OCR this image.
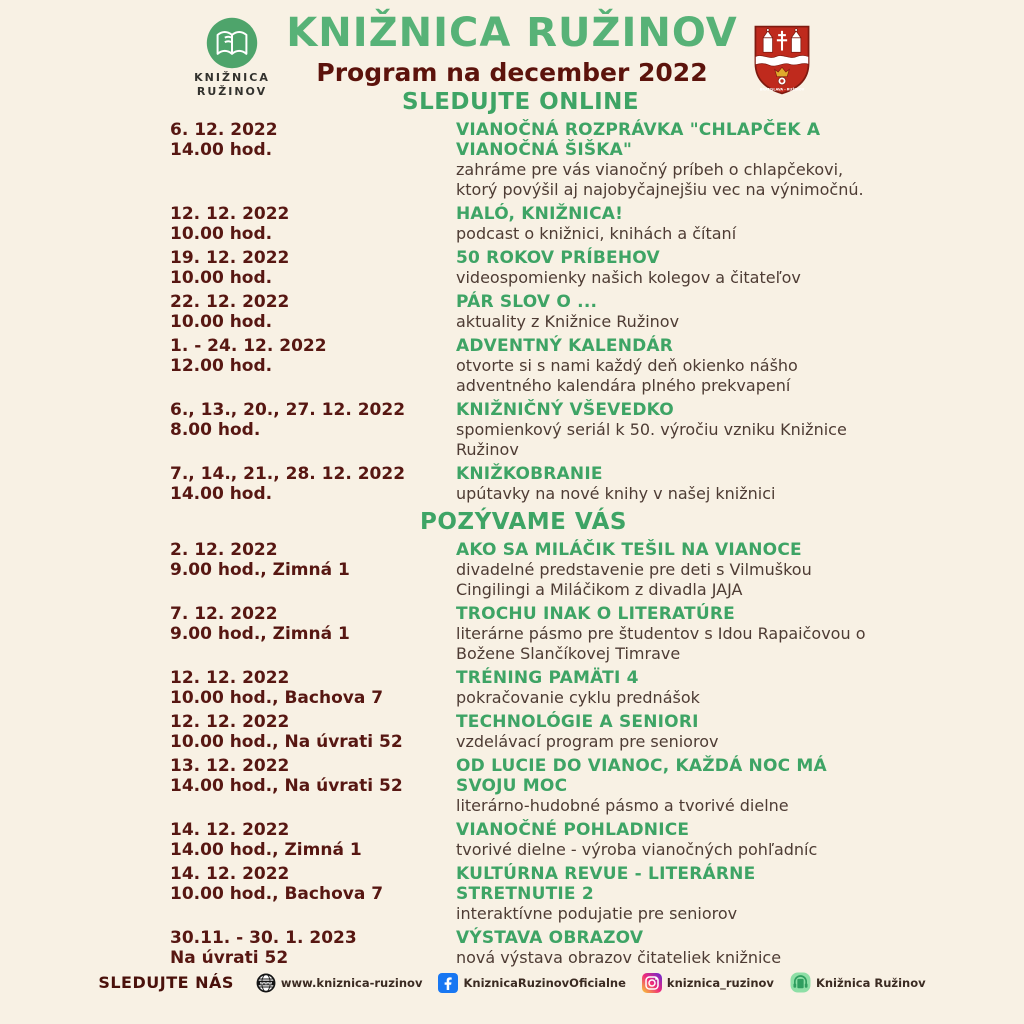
KNIŽNICA
RUŽINOV
KNIŽNICA RUŽINOV
Program na december 2022
BRATISLAVA - RUŽINOV
SLEDUJTE ONLINE
6. 12. 2022
14.00 hod.
VIANOČNÁ ROZPRÁVKA "CHLAPČEK A VIANOČNÁ ŠIŠKA"

zahráme pre vás vianočný príbeh o chlapčekovi, ktorý povýšil aj najobyčajnejšiu vec na výnimočnú.

12. 12. 2022
10.00 hod.
HALÓ, KNIŽNICA!

podcast o knižnici, knihách a čítaní

19. 12. 2022
10.00 hod.
50 ROKOV PRÍBEHOV

videospomienky našich kolegov a čitateľov

22. 12. 2022
10.00 hod.
PÁR SLOV O ...

aktuality z Knižnice Ružinov

1. - 24. 12. 2022
12.00 hod.
ADVENTNÝ KALENDÁR

otvorte si s nami každý deň okienko nášho adventného kalendára plného prekvapení

6., 13., 20., 27. 12. 2022
8.00 hod.
KNIŽNIČNÝ VŠEVEDKO

spomienkový seriál k 50. výročiu vzniku Knižnice Ružinov

7., 14., 21., 28. 12. 2022
14.00 hod.
KNIŽKOBRANIE

upútavky na nové knihy v našej knižnici

POZÝVAME VÁS
2. 12. 2022
9.00 hod., Zimná 1
AKO SA MILÁČIK TEŠIL NA VIANOCE

divadelné predstavenie pre deti s Vilmuškou Cingilingi a Miláčikom z divadla JAJA

7. 12. 2022
9.00 hod., Zimná 1
TROCHU INAK O LITERATÚRE

literárne pásmo pre študentov s Idou Rapaičovou o Božene Slančíkovej Timrave

12. 12. 2022
10.00 hod., Bachova 7
TRÉNING PAMÄTI 4

pokračovanie cyklu prednášok

12. 12. 2022
10.00 hod., Na úvrati 52
TECHNOLÓGIE A SENIORI

vzdelávací program pre seniorov

13. 12. 2022
14.00 hod., Na úvrati 52
OD LUCIE DO VIANOC, KAŽDÁ NOC MÁ SVOJU MOC

literárno-hudobné pásmo a tvorivé dielne

14. 12. 2022
14.00 hod., Zimná 1
VIANOČNÉ POHLADNICE

tvorivé dielne - výroba vianočných pohľadníc

14. 12. 2022
10.00 hod., Bachova 7
KULTÚRNA REVUE - LITERÁRNE STRETNUTIE 2

interaktívne podujatie pre seniorov

30.11. - 30. 1. 2023
Na úvrati 52
VÝSTAVA OBRAZOV

nová výstava obrazov čitateliek knižnice

SLEDUJTE NÁS	www www.kniznica-ruzinov	KniznicaRuzinovOficialne	kniznica_ruzinov	Knižnica Ružinov
